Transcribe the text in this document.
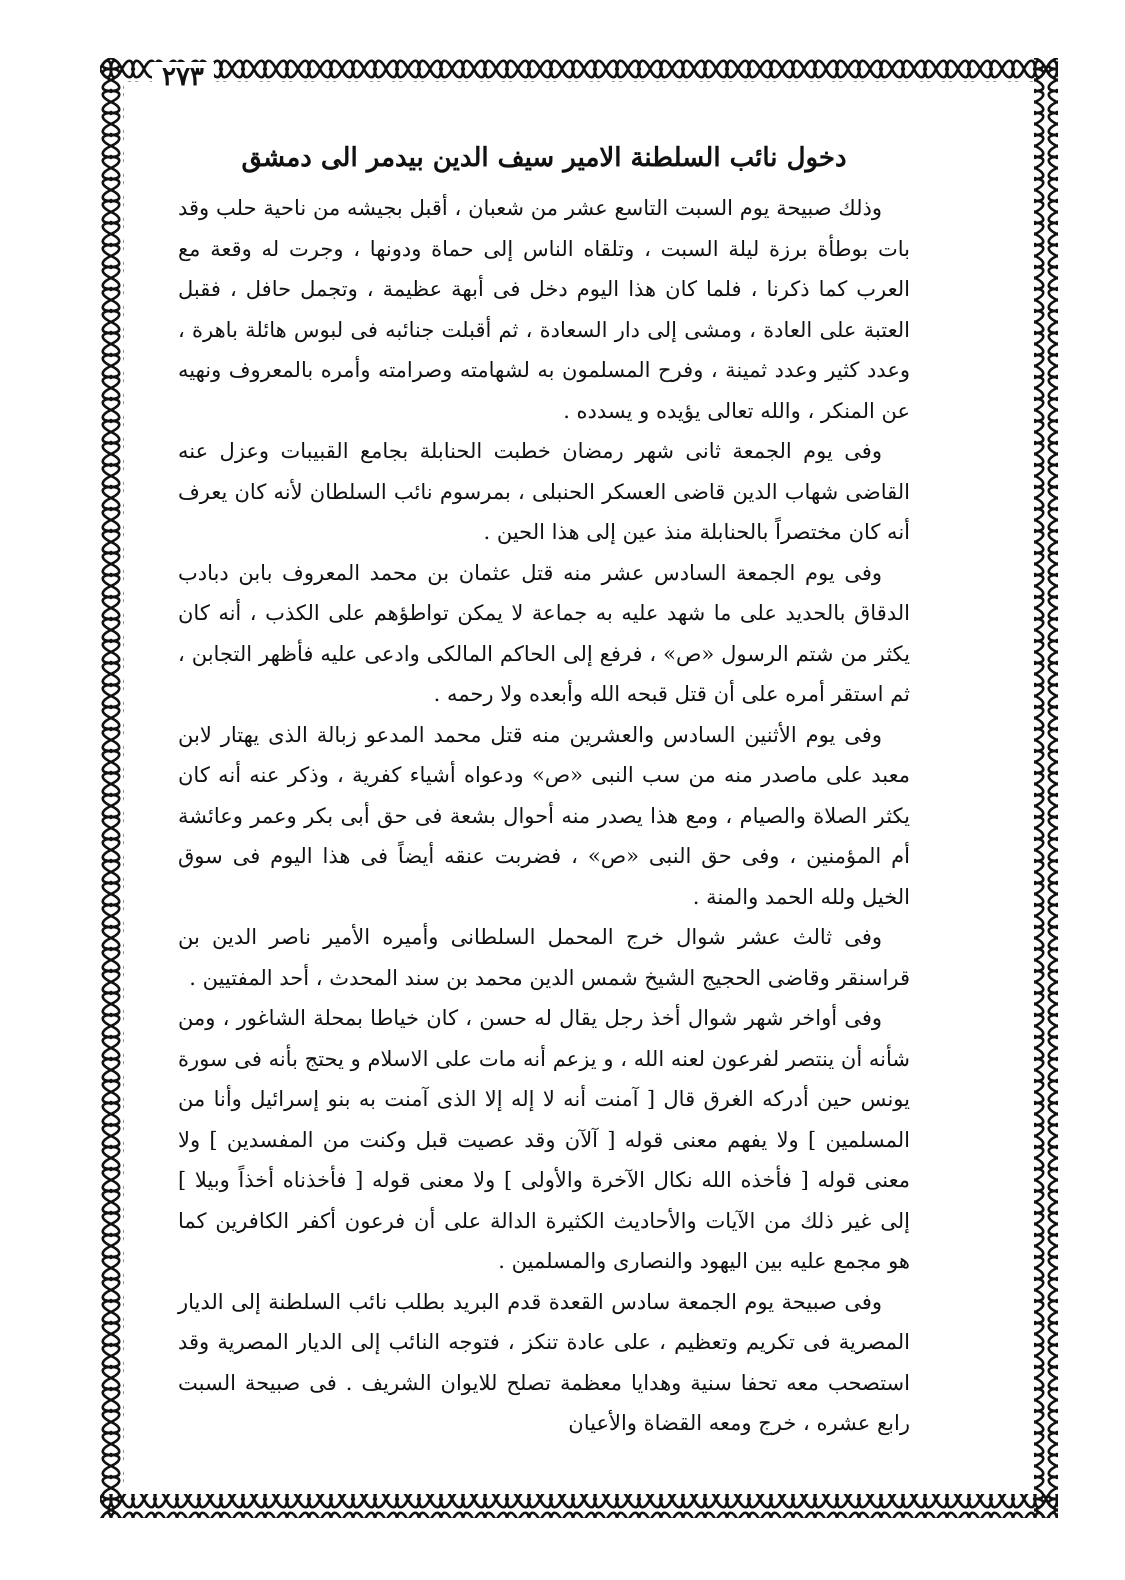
٢٧٣
دخول نائب السلطنة الامير سيف الدين بيدمر الى دمشق

وذلك صبيحة يوم السبت التاسع عشر من شعبان ، أقبل بجيشه من ناحية حلب وقد بات بوطأة برزة ليلة السبت ، وتلقاه الناس إلى حماة ودونها ، وجرت له وقعة مع العرب كما ذكرنا ، فلما كان هذا اليوم دخل فى أبهة عظيمة ، وتجمل حافل ، فقبل العتبة على العادة ، ومشى إلى دار السعادة ، ثم أقبلت جنائبه فى لبوس هائلة باهرة ، وعدد كثير وعدد ثمينة ، وفرح المسلمون به لشهامته وصرامته وأمره بالمعروف ونهيه عن المنكر ، والله تعالى يؤيده و يسدده .

وفى يوم الجمعة ثانى شهر رمضان خطبت الحنابلة بجامع القبيبات وعزل عنه القاضى شهاب الدين قاضى العسكر الحنبلى ، بمرسوم نائب السلطان لأنه كان يعرف أنه كان مختصراً بالحنابلة منذ عين إلى هذا الحين .

وفى يوم الجمعة السادس عشر منه قتل عثمان بن محمد المعروف بابن دبادب الدقاق بالحديد على ما شهد عليه به جماعة لا يمكن تواطؤهم على الكذب ، أنه كان يكثر من شتم الرسول «ص» ، فرفع إلى الحاكم المالكى وادعى عليه فأظهر التجابن ، ثم استقر أمره على أن قتل قبحه الله وأبعده ولا رحمه .

وفى يوم الأثنين السادس والعشرين منه قتل محمد المدعو زبالة الذى يهتار لابن معبد على ماصدر منه من سب النبى «ص» ودعواه أشياء كفرية ، وذكر عنه أنه كان يكثر الصلاة والصيام ، ومع هذا يصدر منه أحوال بشعة فى حق أبى بكر وعمر وعائشة أم المؤمنين ، وفى حق النبى «ص» ، فضربت عنقه أيضاً فى هذا اليوم فى سوق الخيل ولله الحمد والمنة .

وفى ثالث عشر شوال خرج المحمل السلطانى وأميره الأمير ناصر الدين بن قراسنقر وقاضى الحجيج الشيخ شمس الدين محمد بن سند المحدث ، أحد المفتيين .

وفى أواخر شهر شوال أخذ رجل يقال له حسن ، كان خياطا بمحلة الشاغور ، ومن شأنه أن ينتصر لفرعون لعنه الله ، و يزعم أنه مات على الاسلام و يحتج بأنه فى سورة يونس حين أدركه الغرق قال [ آمنت أنه لا إله إلا الذى آمنت به بنو إسرائيل وأنا من المسلمين ] ولا يفهم معنى قوله [ آلآن وقد عصيت قبل وكنت من المفسدين ] ولا معنى قوله [ فأخذه الله نكال الآخرة والأولى ] ولا معنى قوله [ فأخذناه أخذاً وبيلا ] إلى غير ذلك من الآيات والأحاديث الكثيرة الدالة على أن فرعون أكفر الكافرين كما هو مجمع عليه بين اليهود والنصارى والمسلمين .

وفى صبيحة يوم الجمعة سادس القعدة قدم البريد بطلب نائب السلطنة إلى الديار المصرية فى تكريم وتعظيم ، على عادة تنكز ، فتوجه النائب إلى الديار المصرية وقد استصحب معه تحفا سنية وهدايا معظمة تصلح للايوان الشريف . فى صبيحة السبت رابع عشره ، خرج ومعه القضاة والأعيان
